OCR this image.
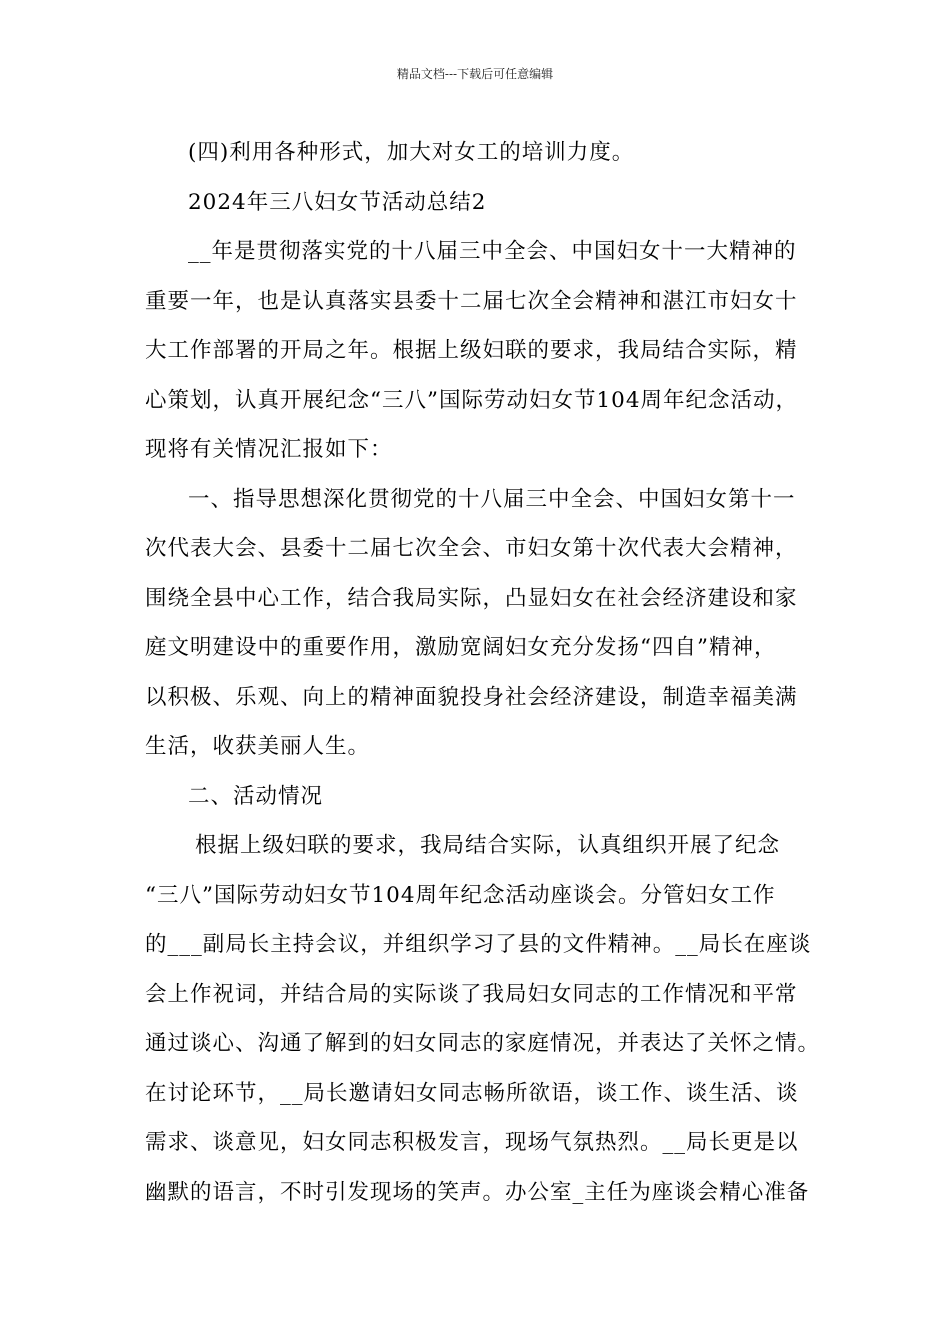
精品文档---下载后可任意编辑
(四)利用各种形式，加大对女工的培训力度。
2024年三八妇女节活动总结2
__年是贯彻落实党的十八届三中全会、中国妇女十一大精神的
重要一年，也是认真落实县委十二届七次全会精神和湛江市妇女十
大工作部署的开局之年。根据上级妇联的要求，我局结合实际，精
心策划，认真开展纪念“三八”国际劳动妇女节104周年纪念活动，
现将有关情况汇报如下：
一、指导思想深化贯彻党的十八届三中全会、中国妇女第十一
次代表大会、县委十二届七次全会、市妇女第十次代表大会精神，
围绕全县中心工作，结合我局实际，凸显妇女在社会经济建设和家
庭文明建设中的重要作用，激励宽阔妇女充分发扬“四自”精神，
以积极、乐观、向上的精神面貌投身社会经济建设，制造幸福美满
生活，收获美丽人生。
二、活动情况
根据上级妇联的要求，我局结合实际，认真组织开展了纪念
“三八”国际劳动妇女节104周年纪念活动座谈会。分管妇女工作
的___副局长主持会议，并组织学习了县的文件精神。__局长在座谈
会上作祝词，并结合局的实际谈了我局妇女同志的工作情况和平常
通过谈心、沟通了解到的妇女同志的家庭情况，并表达了关怀之情。
在讨论环节，__局长邀请妇女同志畅所欲语，谈工作、谈生活、谈
需求、谈意见，妇女同志积极发言，现场气氛热烈。__局长更是以
幽默的语言，不时引发现场的笑声。办公室_主任为座谈会精心准备
